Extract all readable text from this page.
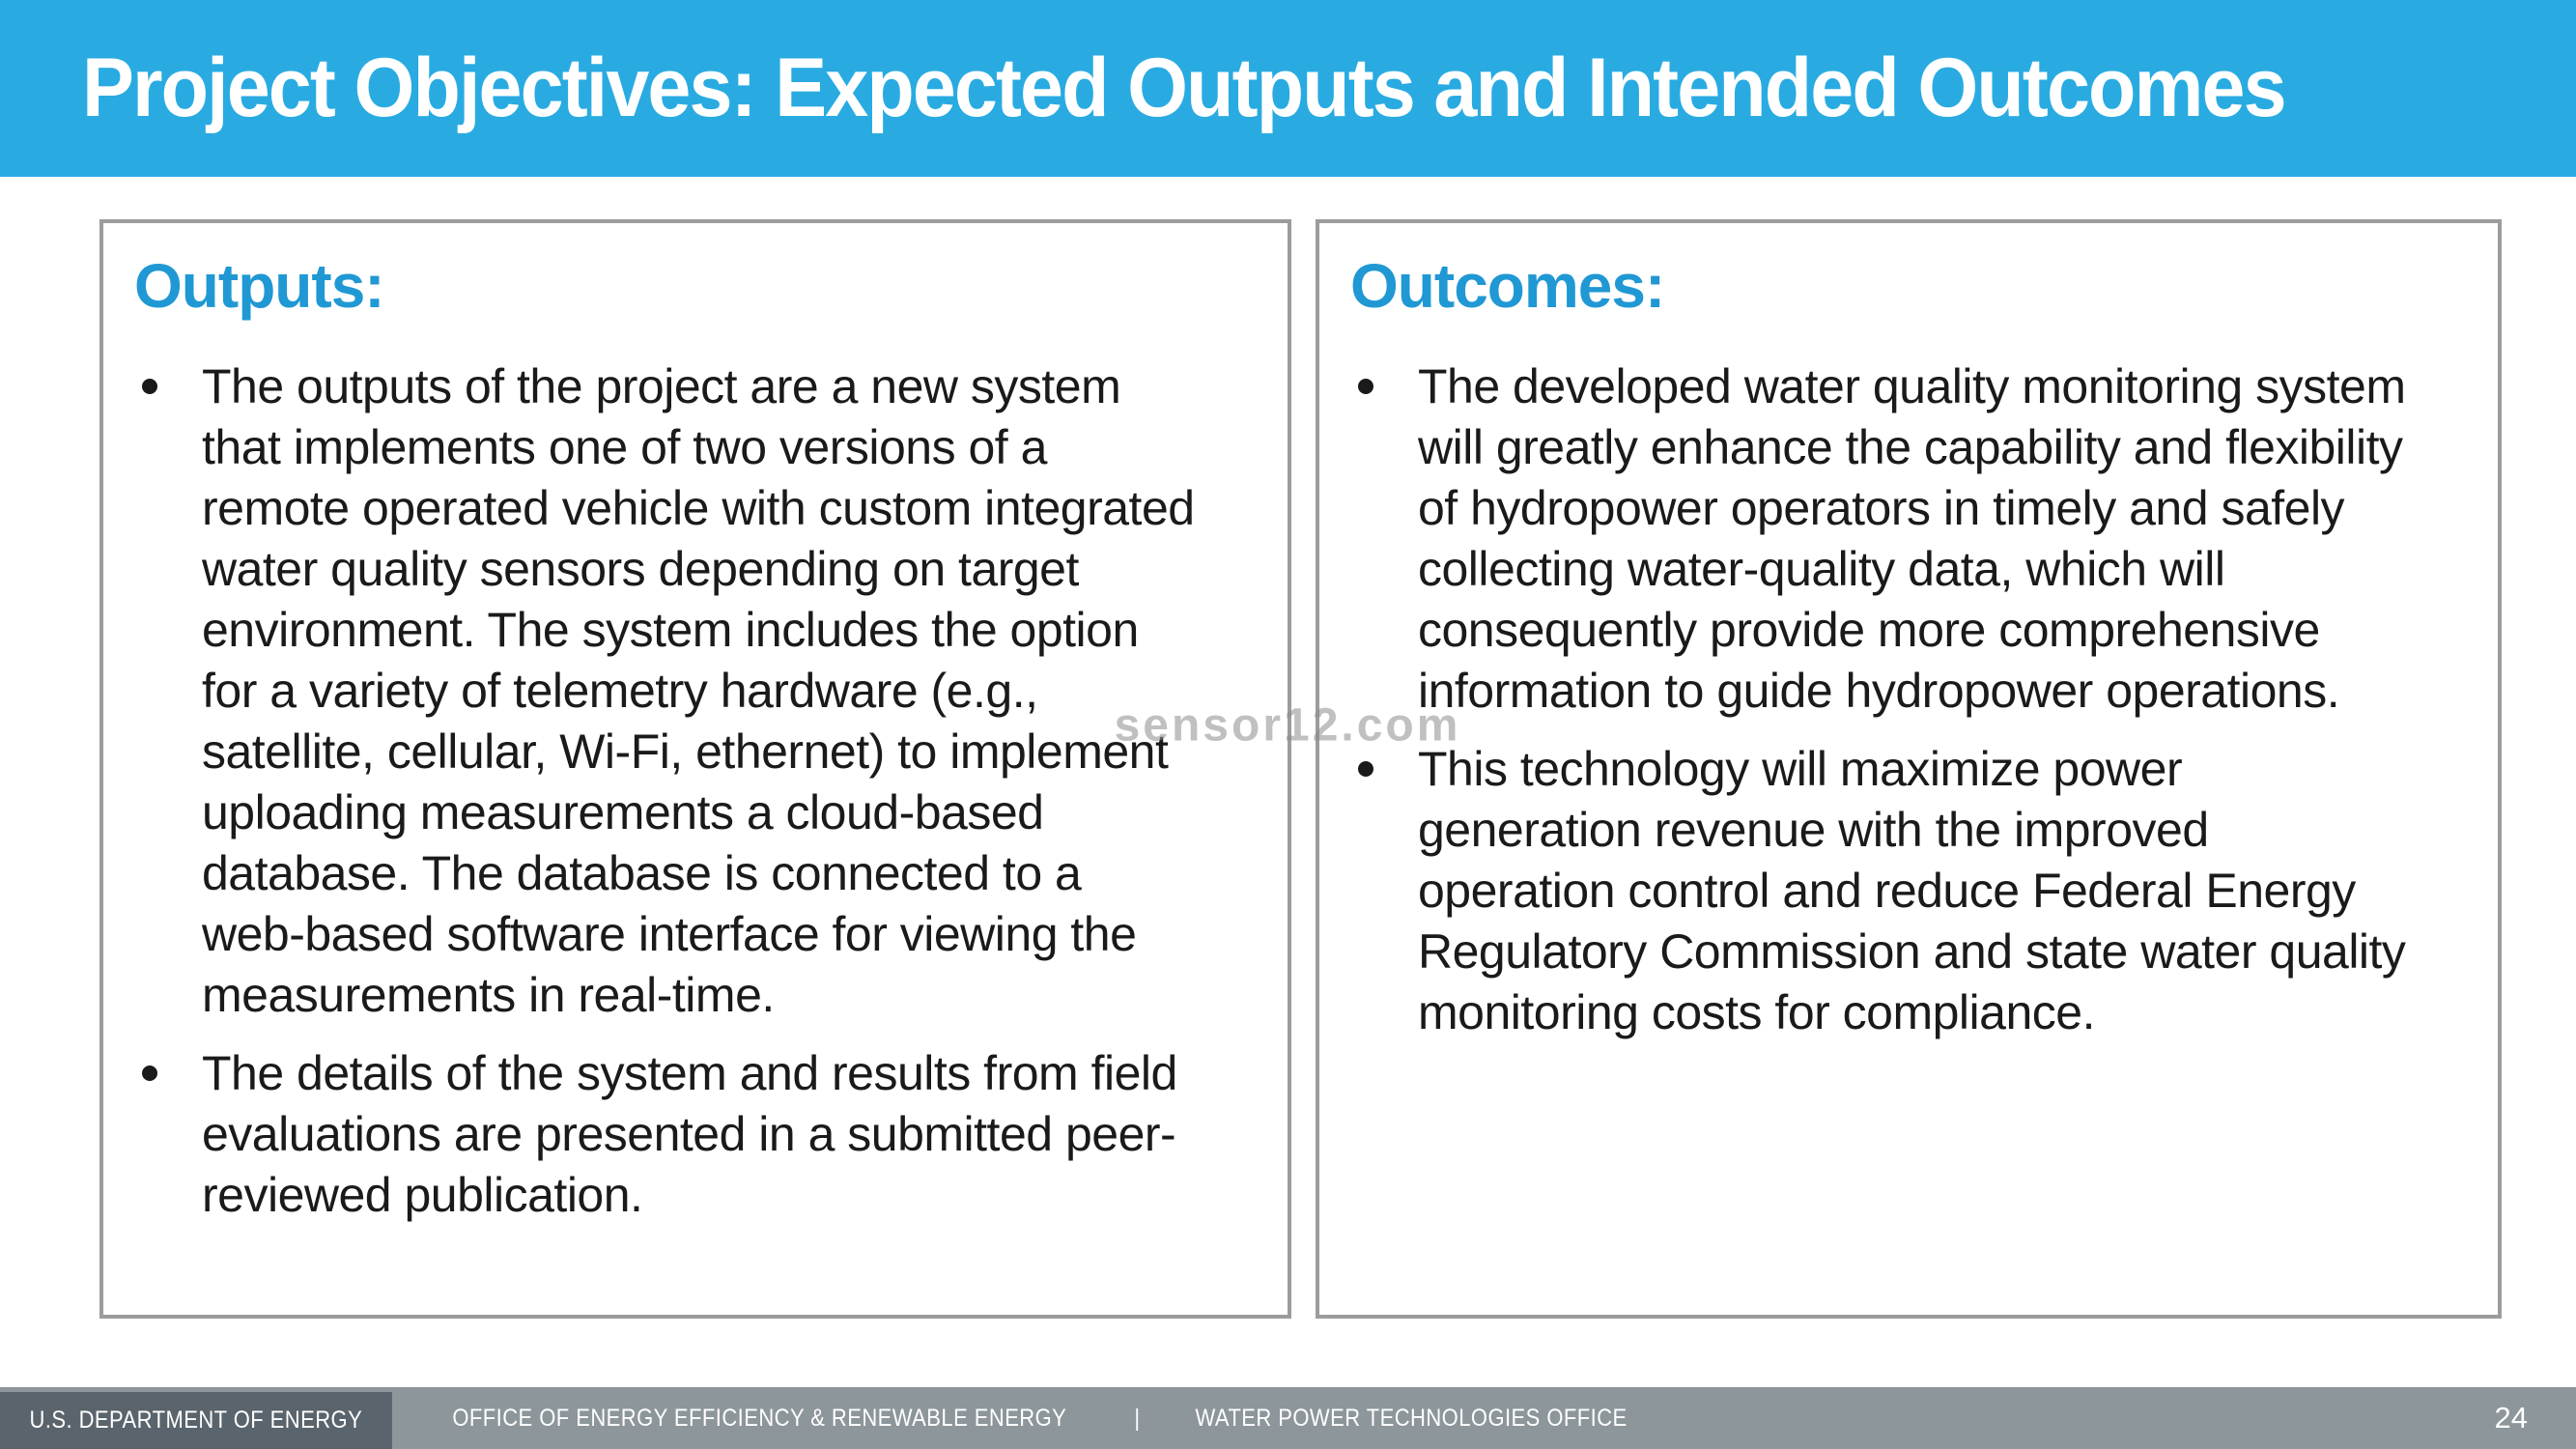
Project Objectives: Expected Outputs and Intended Outcomes
Outputs:
The outputs of the project are a new system that implements one of two versions of a remote operated vehicle with custom integrated water quality sensors depending on target environment. The system includes the option for a variety of telemetry hardware (e.g., satellite, cellular, Wi-Fi, ethernet) to implement uploading measurements a cloud-based database. The database is connected to a web-based software interface for viewing the measurements in real-time.
The details of the system and results from field evaluations are presented in a submitted peer-reviewed publication.
Outcomes:
The developed water quality monitoring system will greatly enhance the capability and flexibility of hydropower operators in timely and safely collecting water-quality data, which will consequently provide more comprehensive information to guide hydropower operations.
This technology will maximize power generation revenue with the improved operation control and reduce Federal Energy Regulatory Commission and state water quality monitoring costs for compliance.
sensor12.com
OFFICE OF ENERGY EFFICIENCY & RENEWABLE ENERGY	| WATER POWER TECHNOLOGIES OFFICE	24
U.S. DEPARTMENT OF ENERGY
